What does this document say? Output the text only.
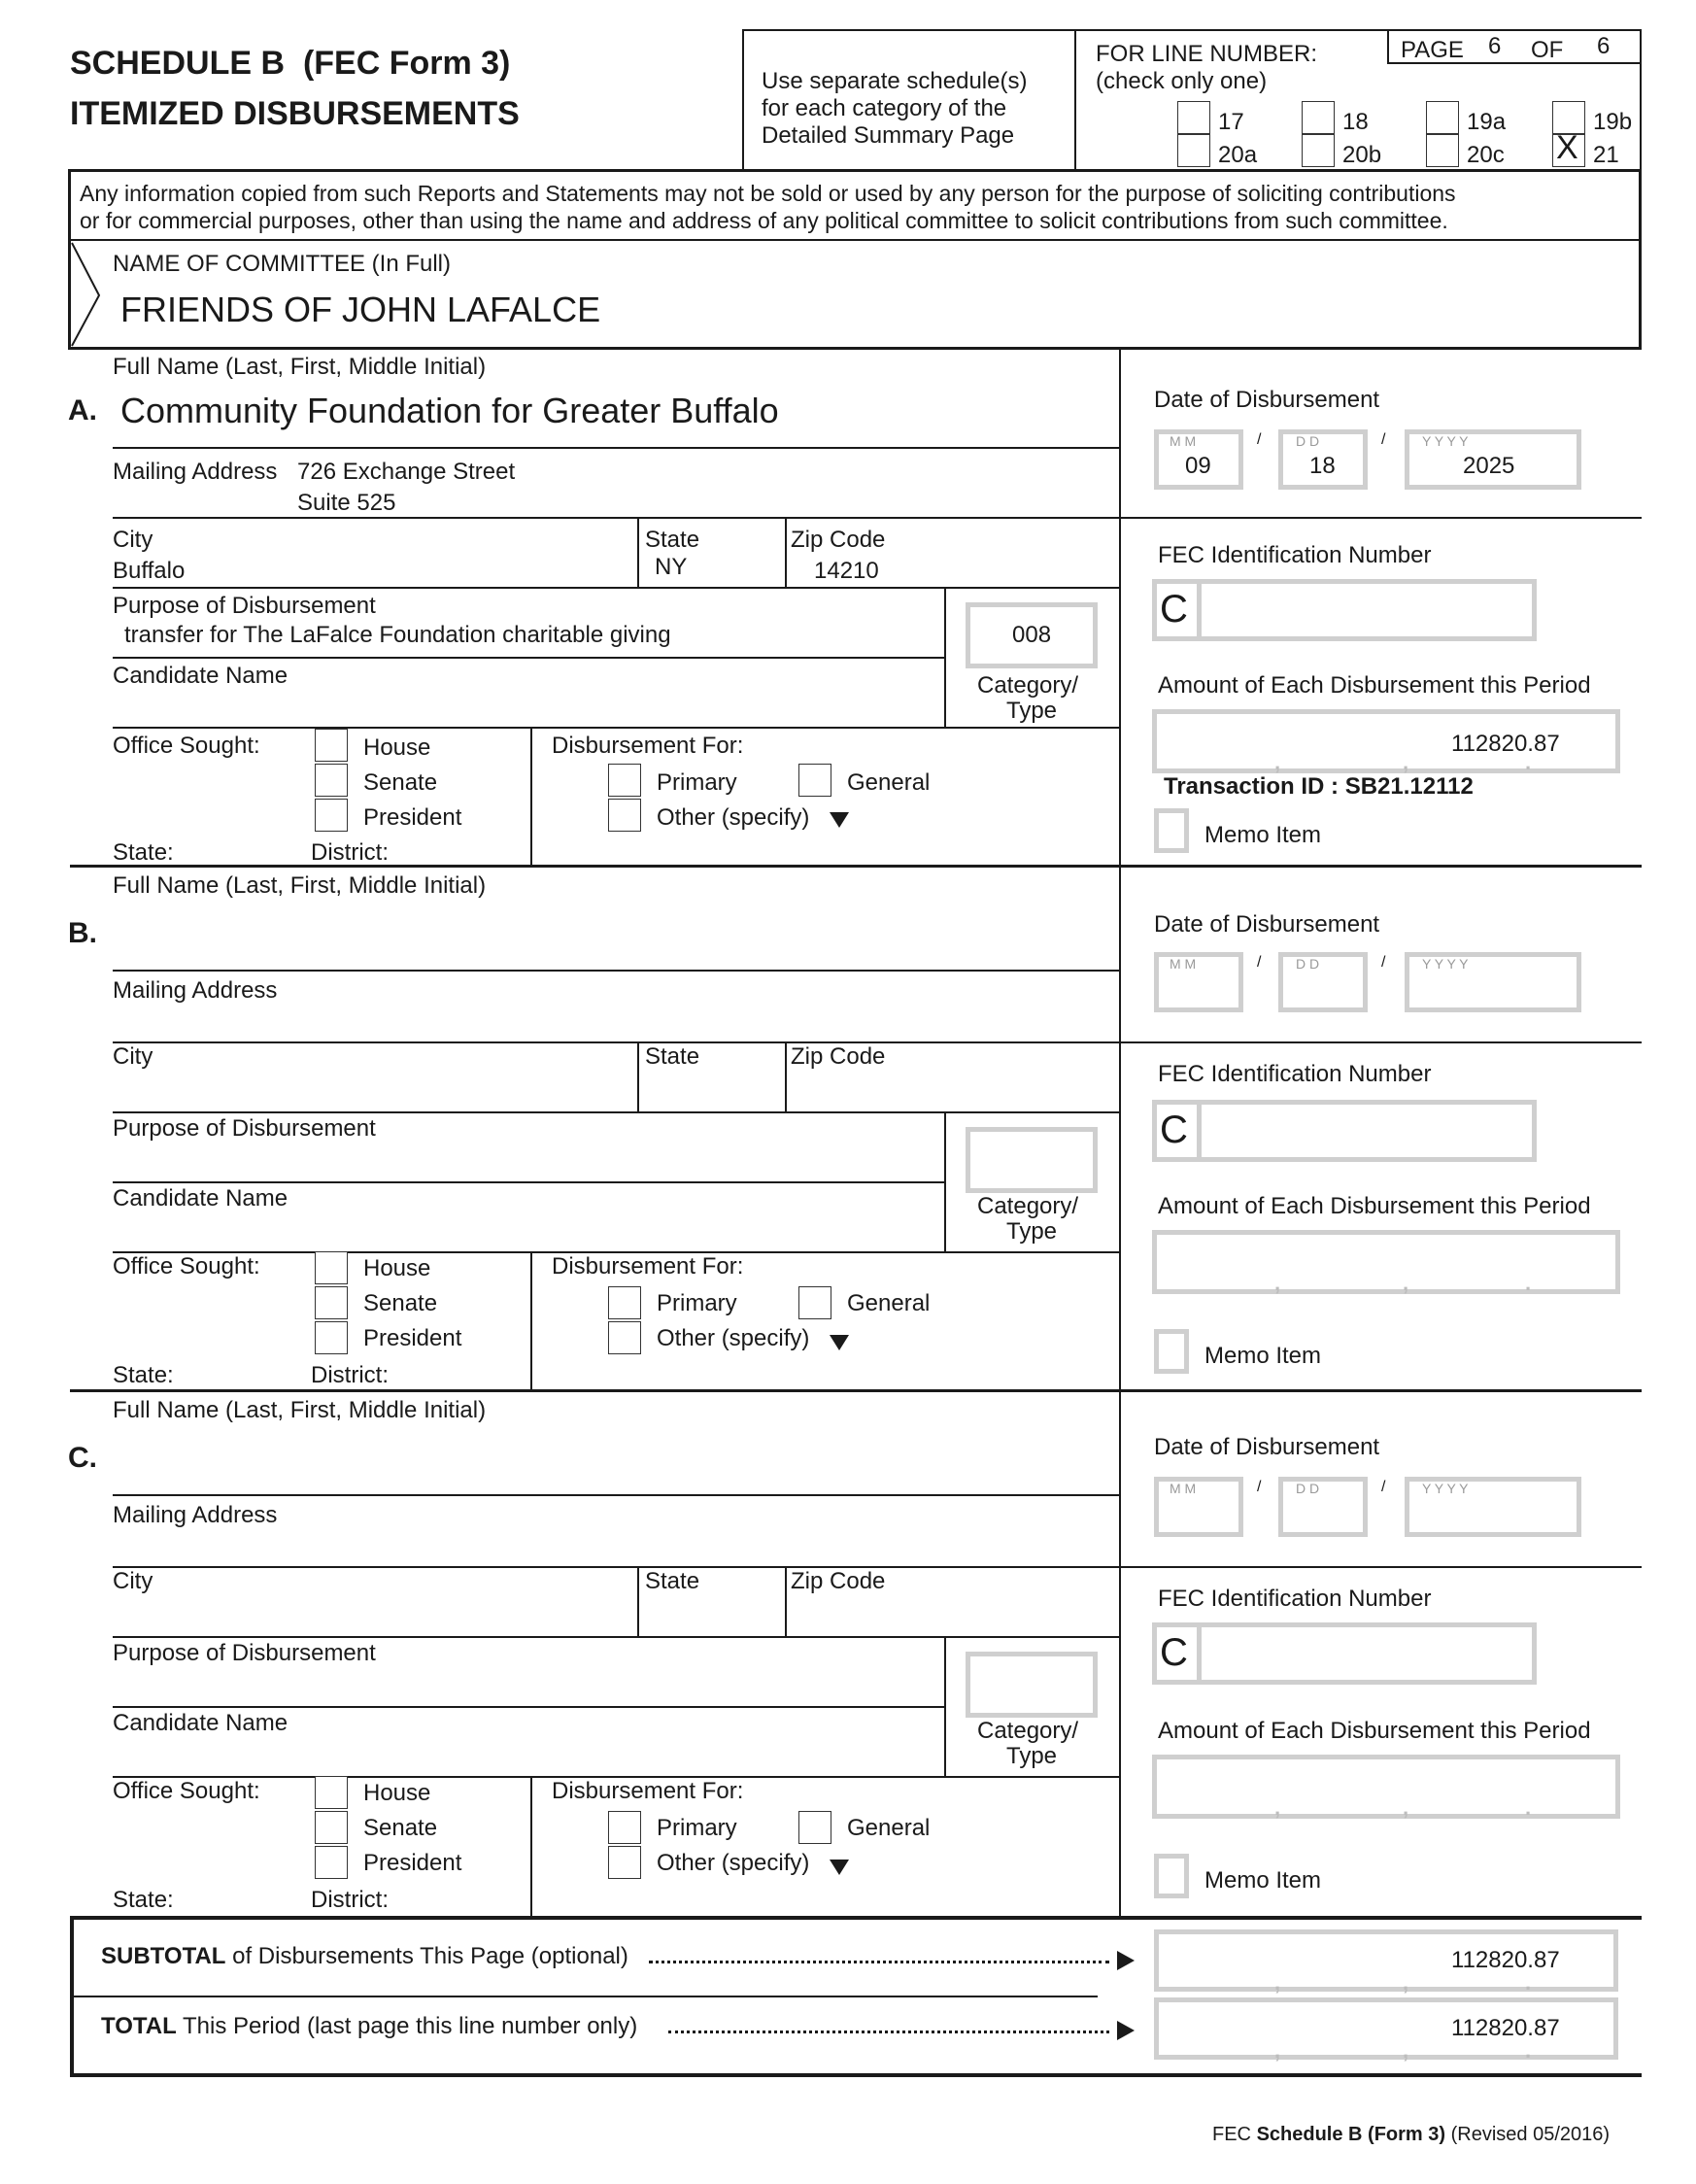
SCHEDULE B (FEC Form 3)
ITEMIZED DISBURSEMENTS
Use separate schedule(s)
for each category of the
Detailed Summary Page
FOR LINE NUMBER:
(check only one)
PAGE 6 OF 6
17	18	19a	19b
20a	20b	20c X 21
Any information copied from such Reports and Statements may not be sold or used by any person for the purpose of soliciting contributions
or for commercial purposes, other than using the name and address of any political committee to solicit contributions from such committee.
NAME OF COMMITTEE (In Full)
FRIENDS OF JOHN LAFALCE
Full Name (Last, First, Middle Initial)
A. Community Foundation for Greater Buffalo
Mailing Address 726 Exchange Street
Suite 525
City
Buffalo
State
NY
Zip Code
14210
Purpose of Disbursement
transfer for The LaFalce Foundation charitable giving	008
Candidate Name	Category/
Type
Office Sought:	House
Senate
President
State:	District:
Disbursement For:
Primary
Other (specify)
General
Date of Disbursement
M M
09
/	D D
18
/	Y Y Y Y
2025
FEC Identification Number
C
Amount of Each Disbursement this Period
,	,	.
112820.87
Transaction ID : SB21.12112
Memo Item
Full Name (Last, First, Middle Initial)
B.
Mailing Address
City	State	Zip Code
Purpose of Disbursement
Candidate Name	Category/
Type
Office Sought:	House
Senate
President
State:	District:
Disbursement For:
Primary
Other (specify)
General
Date of Disbursement
M M	/	D D	/	Y Y Y Y
FEC Identification Number
C
Amount of Each Disbursement this Period
,	,	.
Memo Item
Full Name (Last, First, Middle Initial)
C.
Mailing Address
City	State	Zip Code
Purpose of Disbursement
Candidate Name	Category/
Type
Office Sought:	House
Senate
President
State:	District:
Disbursement For:
Primary
Other (specify)
General
Date of Disbursement
M M	/	D D	/	Y Y Y Y
FEC Identification Number
C
Amount of Each Disbursement this Period
,	,	.
Memo Item
SUBTOTAL of Disbursements This Page (optional)
,	,	.
112820.87
TOTAL This Period (last page this line number only)
,	,	.
112820.87
FEC Schedule B (Form 3) (Revised 05/2016)
